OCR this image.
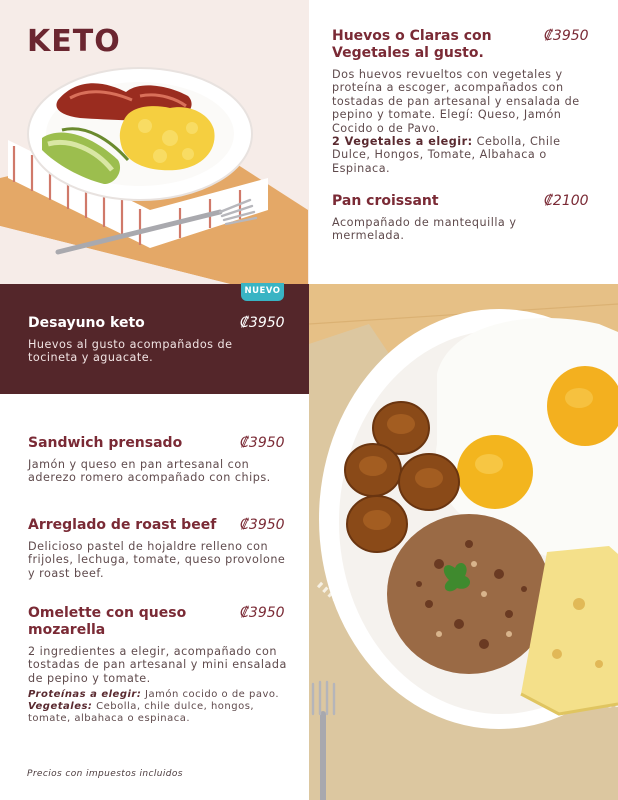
KETO	Huevos o Claras con Vegetales al gusto.
₡3950
Dos huevos revueltos con vegetales y proteína a escoger, acompañados con tostadas de pan artesanal y ensalada de pepino y tomate. Elegí: Queso, Jamón Cocido o de Pavo.
2 Vegetales a elegir: Cebolla, Chile Dulce, Hongos, Tomate, Albahaca o Espinaca.
Pan croissant	₡2100
Acompañado de mantequilla y mermelada.
Desayuno keto	₡3950
Huevos al gusto acompañados de tocineta y aguacate.
NUEVO
Sandwich prensado	₡3950
Jamón y queso en pan artesanal con aderezo romero acompañado con chips.
Arreglado de roast beef	₡3950
Delicioso pastel de hojaldre relleno con frijoles, lechuga, tomate, queso provolone y roast beef.
Omelette con queso mozarella
₡3950
2 ingredientes a elegir, acompañado con tostadas de pan artesanal y mini ensalada de pepino y tomate.
Proteínas a elegir: Jamón cocido o de pavo.
Vegetales: Cebolla, chile dulce, hongos, tomate, albahaca o espinaca.
Precios con impuestos incluidos
